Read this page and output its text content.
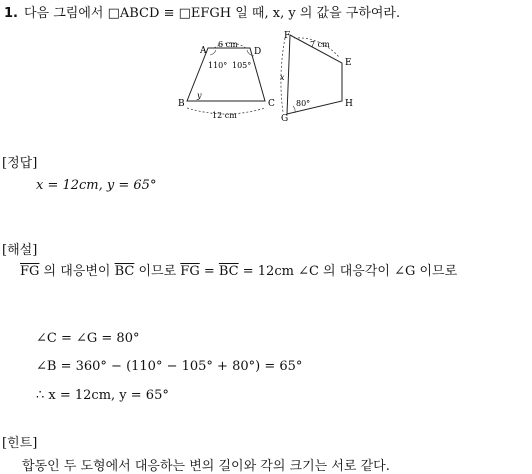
1. 다음 그림에서 □ABCD ≡ □EFGH 일 때, x, y 의 값을 구하여라.
A	D
B	C
6 cm
12 cm
110° 105°
y
F
E
G
H
7 cm
x
80°
[정답]
x = 12cm, y = 65°
[해설]
$\overline{FG}$ 의 대응변이 $\overline{BC}$ 이므로 $\overline{FG} = \overline{BC} = 12cm$ ∠C 의 대응각이 ∠G 이므로
∠C = ∠G = 80°
∠B = 360° − (110° − 105° + 80°) = 65°
∴ x = 12cm, y = 65°
[힌트]
합동인 두 도형에서 대응하는 변의 길이와 각의 크기는 서로 같다.
